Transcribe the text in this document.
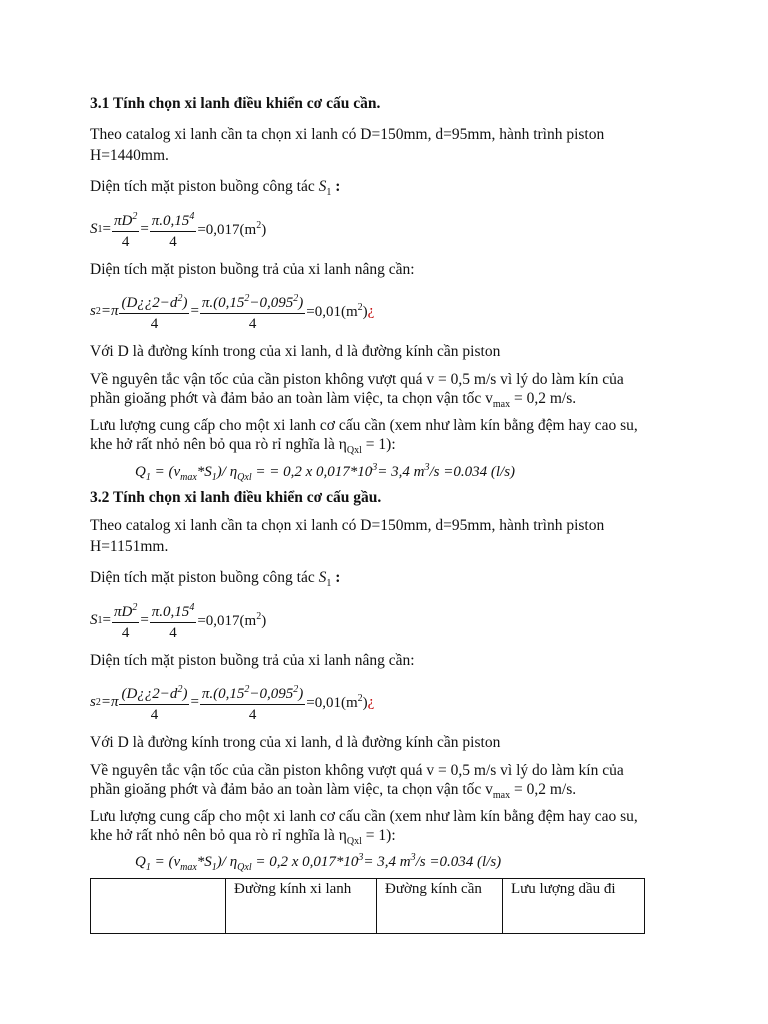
3.1 Tính chọn xi lanh điều khiển cơ cấu cần.
Theo catalog xi lanh cần ta chọn xi lanh có D=150mm, d=95mm, hành trình piston
H=1440mm.
Diện tích mặt piston buồng công tác $S_1$ :
S $1 = \frac{\pi D^2}{4} = \frac{\pi.0,15^4}{4} =0,017(m^2)$
Diện tích mặt piston buồng trả của xi lanh nâng cần:
s $2 =\pi \frac{(D¿¿2-d^2)}{4} = \frac{\pi.(0,15^2-0,095^2)}{4} =0,01(m^2)$ ¿
Với D là đường kính trong của xi lanh, d là đường kính cần piston
Về nguyên tắc vận tốc của cần piston không vượt quá v = 0,5 m/s vì lý do làm kín của
phần gioăng phớt và đảm bảo an toàn làm việc, ta chọn vận tốc $v_{max} = 0,2$ m/s.
Lưu lượng cung cấp cho một xi lanh cơ cấu cần (xem như làm kín bằng đệm hay cao su,
khe hở rất nhỏ nên bỏ qua rò rỉ nghĩa là $\eta_{Qxl} = 1$):
$Q_1 = (v_{max}*S_1)/$ $\eta_{Qxl}$ = = 0,2 x $0,017*10^3= 3,4$ $m^3/s =0.034$ (l/s)
3.2 Tính chọn xi lanh điều khiển cơ cấu gầu.
Theo catalog xi lanh cần ta chọn xi lanh có D=150mm, d=95mm, hành trình piston
H=1151mm.
Diện tích mặt piston buồng công tác $S_1$ :
S $1 = \frac{\pi D^2}{4} = \frac{\pi.0,15^4}{4} =0,017(m^2)$
Diện tích mặt piston buồng trả của xi lanh nâng cần:
s $2 =\pi \frac{(D¿¿2-d^2)}{4} = \frac{\pi.(0,15^2-0,095^2)}{4} =0,01(m^2)$ ¿
Với D là đường kính trong của xi lanh, d là đường kính cần piston
Về nguyên tắc vận tốc của cần piston không vượt quá v = 0,5 m/s vì lý do làm kín của
phần gioăng phớt và đảm bảo an toàn làm việc, ta chọn vận tốc $v_{max} = 0,2$ m/s.
Lưu lượng cung cấp cho một xi lanh cơ cấu cần (xem như làm kín bằng đệm hay cao su,
khe hở rất nhỏ nên bỏ qua rò rỉ nghĩa là $\eta_{Qxl} = 1$):
$Q_1 = (v_{max}*S_1)/$ $\eta_{Qxl} = 0,2$ x $0,017*10^3= 3,4$ $m^3/s =0.034$ (l/s)
	Đường kính xi lanh	Đường kính cần	Lưu lượng dầu đi
